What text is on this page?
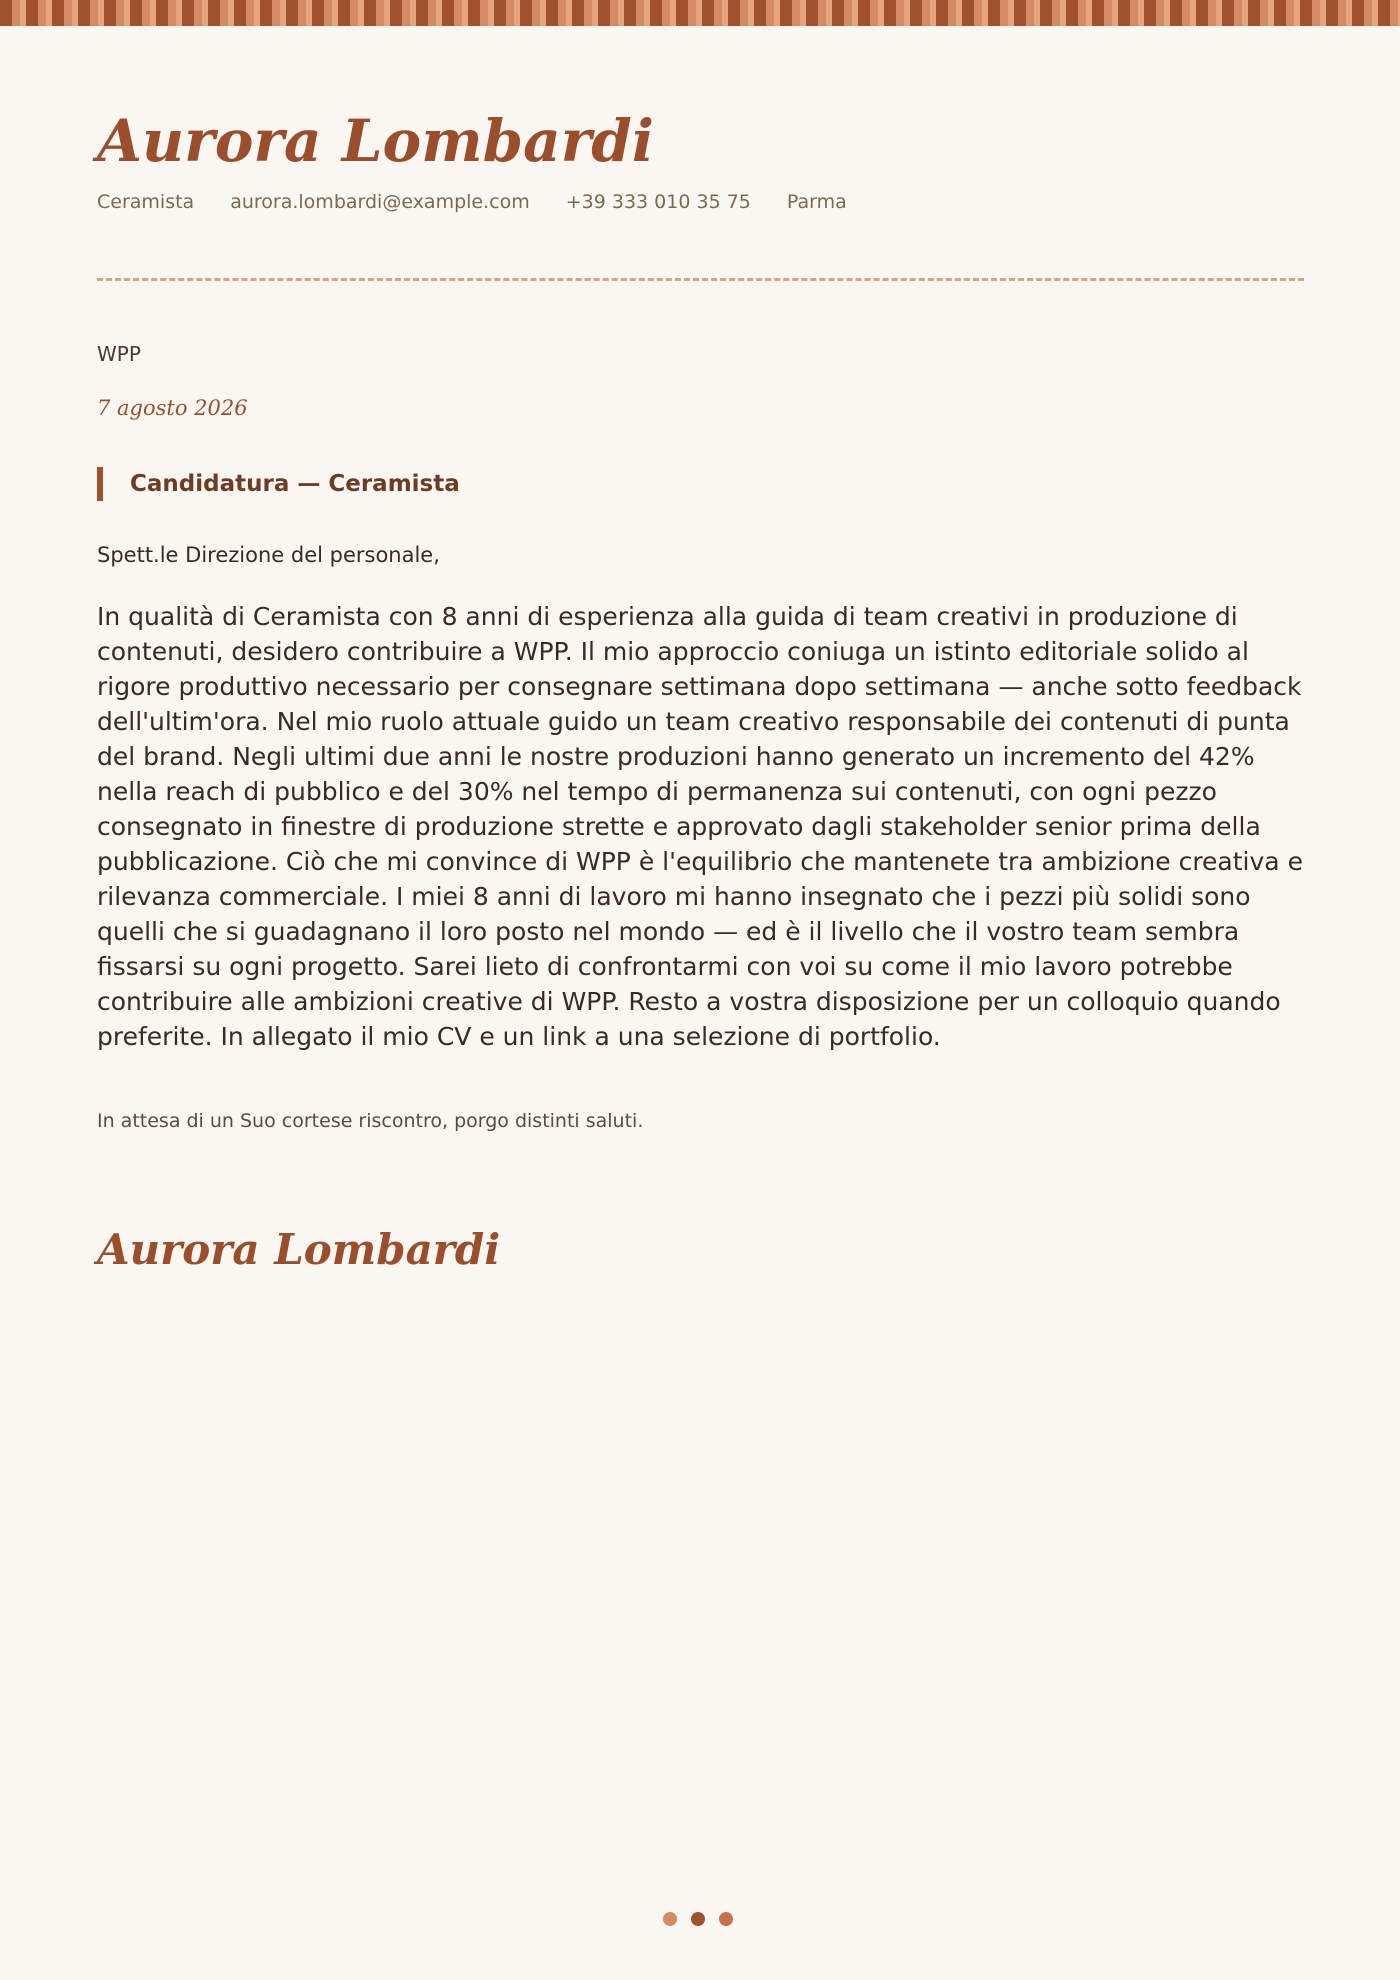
Aurora Lombardi
Ceramista aurora.lombardi@example.com +39 333 010 35 75 Parma
WPP
7 agosto 2026
Candidatura — Ceramista
Spett.le Direzione del personale,

In qualità di Ceramista con 8 anni di esperienza alla guida di team creativi in produzione di contenuti, desidero contribuire a WPP. Il mio approccio coniuga un istinto editoriale solido al rigore produttivo necessario per consegnare settimana dopo settimana — anche sotto feedback dell'ultim'ora. Nel mio ruolo attuale guido un team creativo responsabile dei contenuti di punta del brand. Negli ultimi due anni le nostre produzioni hanno generato un incremento del 42% nella reach di pubblico e del 30% nel tempo di permanenza sui contenuti, con ogni pezzo consegnato in finestre di produzione strette e approvato dagli stakeholder senior prima della pubblicazione. Ciò che mi convince di WPP è l'equilibrio che mantenete tra ambizione creativa e rilevanza commerciale. I miei 8 anni di lavoro mi hanno insegnato che i pezzi più solidi sono quelli che si guadagnano il loro posto nel mondo — ed è il livello che il vostro team sembra fissarsi su ogni progetto. Sarei lieto di confrontarmi con voi su come il mio lavoro potrebbe contribuire alle ambizioni creative di WPP. Resto a vostra disposizione per un colloquio quando preferite. In allegato il mio CV e un link a una selezione di portfolio.

In attesa di un Suo cortese riscontro, porgo distinti saluti.
Aurora Lombardi
